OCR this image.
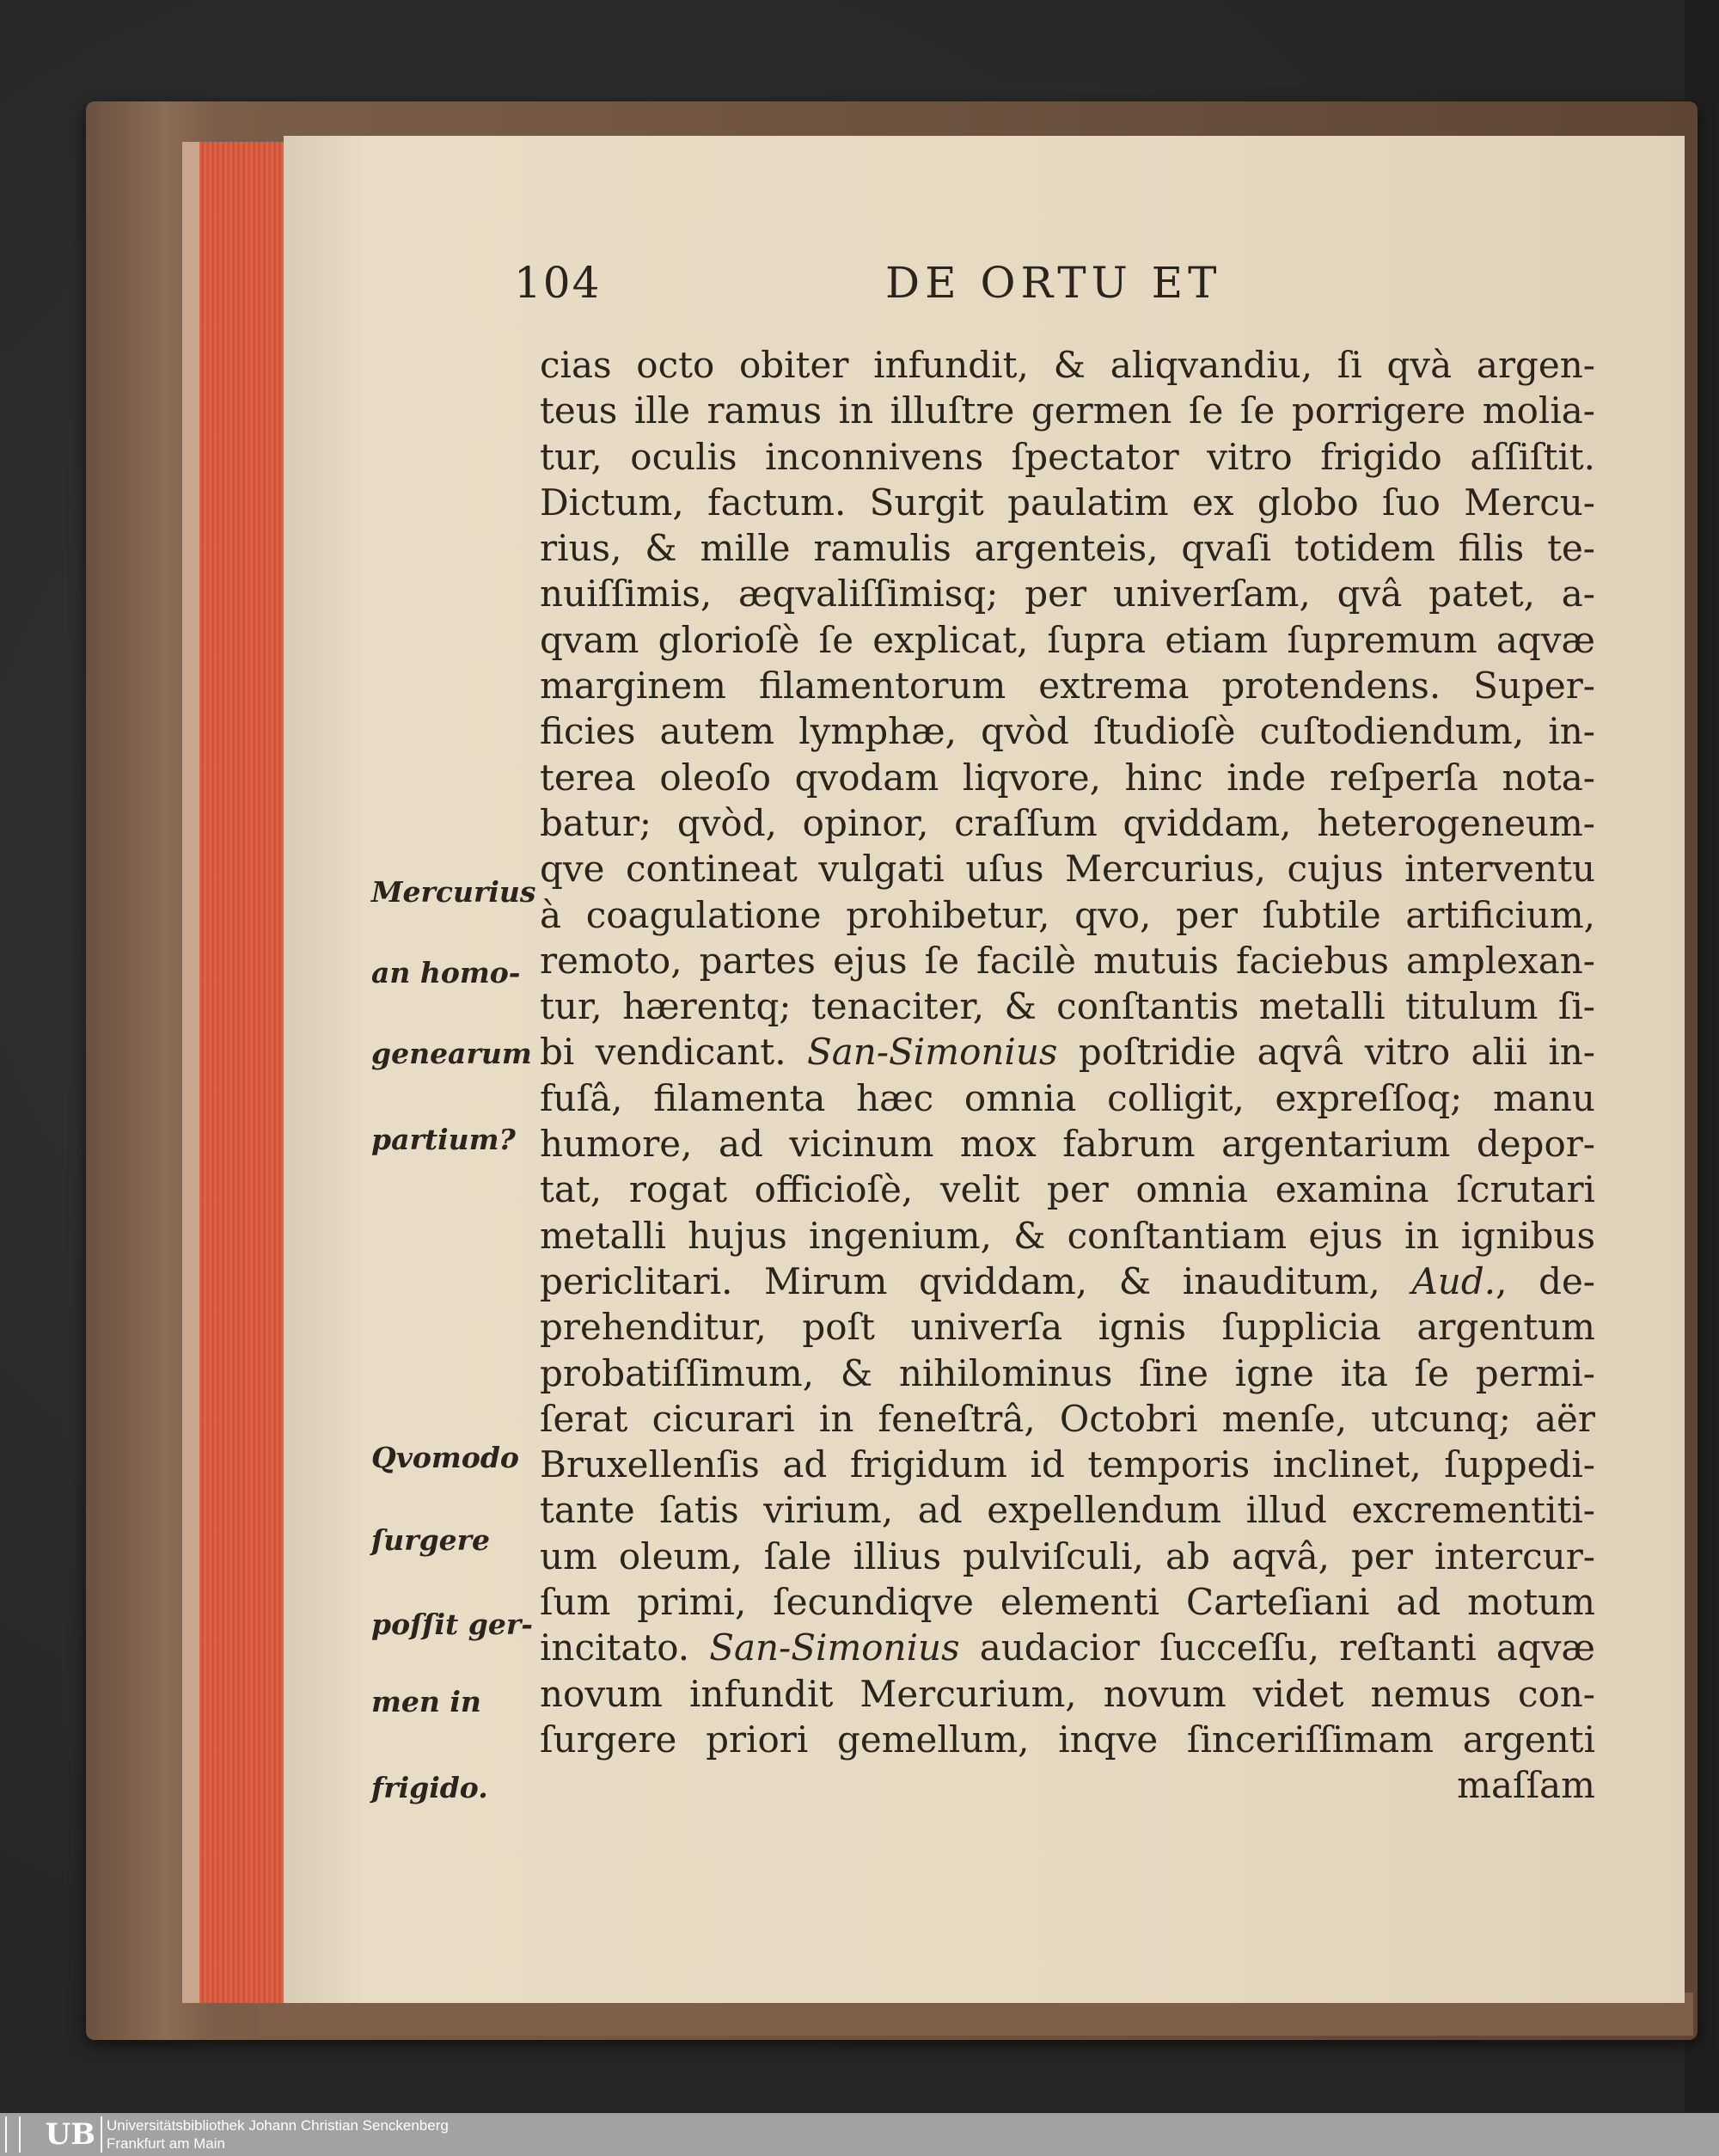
104	DE ORTU ET
cias octo obiter infundit, & aliqvandiu, ſi qvà argen-
teus ille ramus in illuſtre germen ſe ſe porrigere molia-
tur, oculis inconnivens ſpectator vitro frigido aſſiſtit.
Dictum, factum. Surgit paulatim ex globo ſuo Mercu-
rius, & mille ramulis argenteis, qvaſi totidem filis te-
nuiſſimis, æqvaliſſimisq; per univerſam, qvâ patet, a-
qvam glorioſè ſe explicat, ſupra etiam ſupremum aqvæ
marginem filamentorum extrema protendens. Super-
ficies autem lymphæ, qvòd ſtudioſè cuſtodiendum, in-
terea oleoſo qvodam liqvore, hinc inde reſperſa nota-
batur; qvòd, opinor, craſſum qviddam, heterogeneum-
qve contineat vulgati uſus Mercurius, cujus interventu
à coagulatione prohibetur, qvo, per ſubtile artificium,
remoto, partes ejus ſe facilè mutuis faciebus amplexan-
tur, hærentq; tenaciter, & conſtantis metalli titulum ſi-
bi vendicant. San-Simonius poſtridie aqvâ vitro alii in-
fuſâ, filamenta hæc omnia colligit, expreſſoq; manu
humore, ad vicinum mox fabrum argentarium depor-
tat, rogat officioſè, velit per omnia examina ſcrutari
metalli hujus ingenium, & conſtantiam ejus in ignibus
periclitari. Mirum qviddam, & inauditum, Aud., de-
prehenditur, poſt univerſa ignis ſupplicia argentum
probatiſſimum, & nihilominus ſine igne ita ſe permi-
ſerat cicurari in feneſtrâ, Octobri menſe, utcunq; aër
Bruxellenſis ad frigidum id temporis inclinet, ſuppedi-
tante ſatis virium, ad expellendum illud excrementiti-
um oleum, ſale illius pulviſculi, ab aqvâ, per intercur-
ſum primi, ſecundiqve elementi Carteſiani ad motum
incitato. San-Simonius audacior ſucceſſu, reſtanti aqvæ
novum infundit Mercurium, novum videt nemus con-
ſurgere priori gemellum, inqve ſinceriſſimam argenti
maſſam
Mercurius
an homo-
genearum
partium?
Qvomodo
ſurgere
poſſit ger-
men in
frigido.
UB Universitätsbibliothek Johann Christian Senckenberg
Frankfurt am Main
